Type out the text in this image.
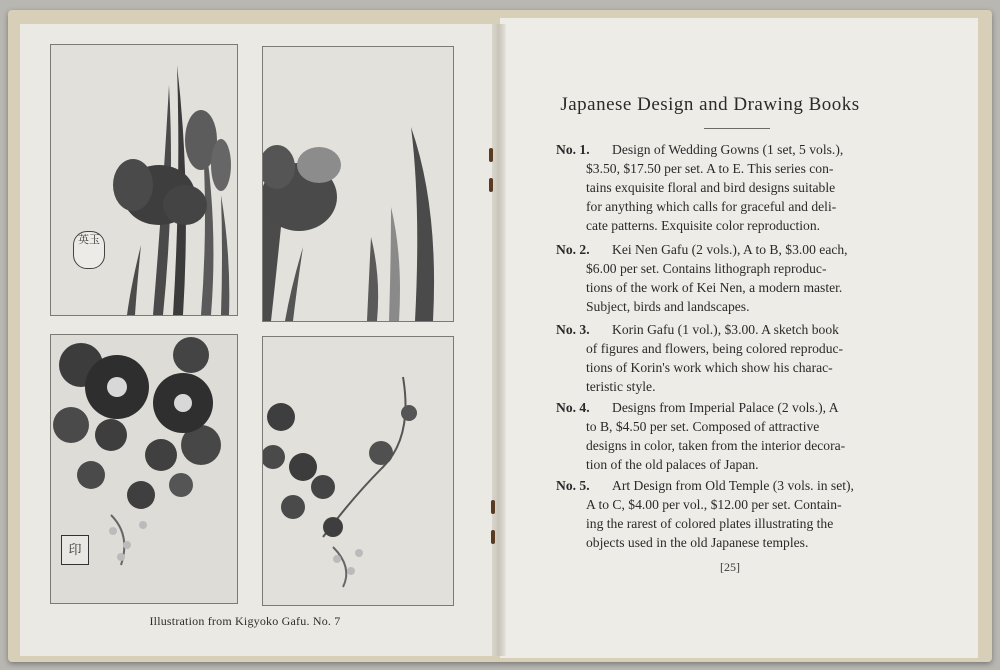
英玉
印
Illustration from Kigyoko Gafu. No. 7
Japanese Design and Drawing Books
No. 1.	Design of Wedding Gowns (1 set, 5 vols.),
$3.50, $17.50 per set. A to E. This series con-
tains exquisite floral and bird designs suitable
for anything which calls for graceful and deli-
cate patterns. Exquisite color reproduction.
No. 2.	Kei Nen Gafu (2 vols.), A to B, $3.00 each,
$6.00 per set. Contains lithograph reproduc-
tions of the work of Kei Nen, a modern master.
Subject, birds and landscapes.
No. 3.	Korin Gafu (1 vol.), $3.00. A sketch book
of figures and flowers, being colored reproduc-
tions of Korin's work which show his charac-
teristic style.
No. 4.	Designs from Imperial Palace (2 vols.), A
to B, $4.50 per set. Composed of attractive
designs in color, taken from the interior decora-
tion of the old palaces of Japan.
No. 5.	Art Design from Old Temple (3 vols. in set),
A to C, $4.00 per vol., $12.00 per set. Contain-
ing the rarest of colored plates illustrating the
objects used in the old Japanese temples.
[25]
